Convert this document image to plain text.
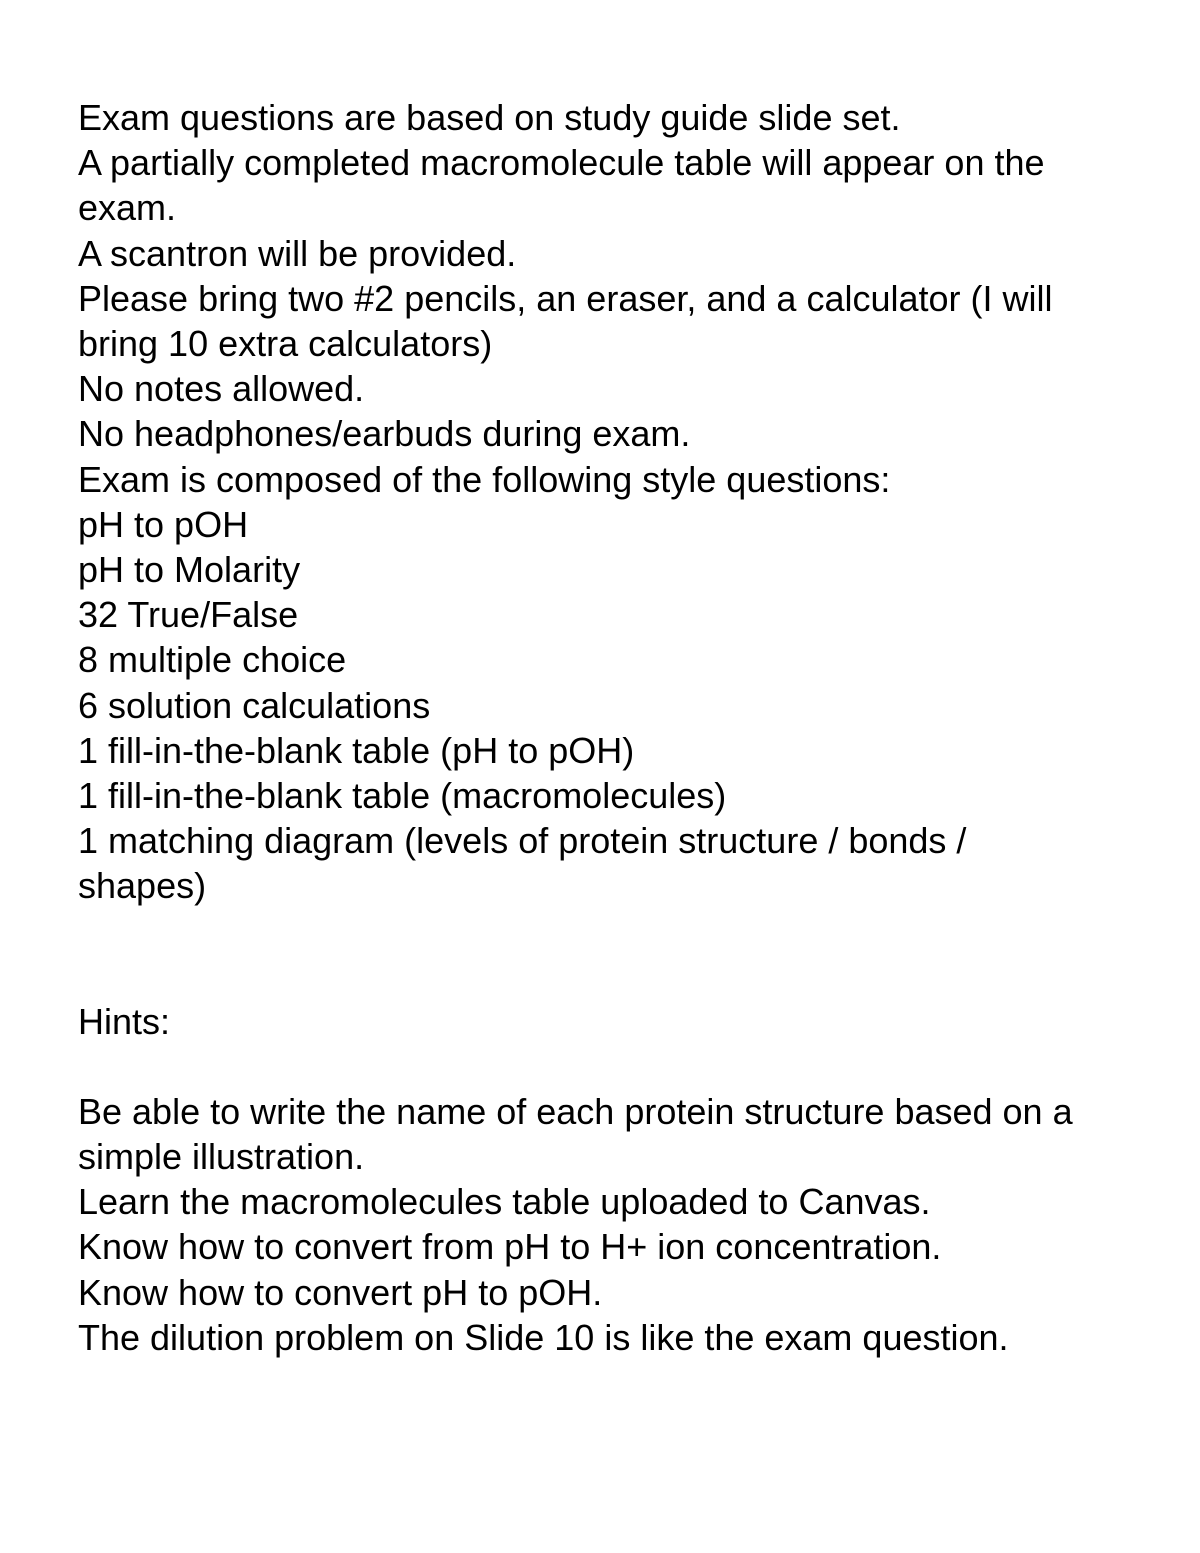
Exam questions are based on study guide slide set.

A partially completed macromolecule table will appear on the

exam.

A scantron will be provided.

Please bring two #2 pencils, an eraser, and a calculator (I will

bring 10 extra calculators)

No notes allowed.

No headphones/earbuds during exam.

Exam is composed of the following style questions:

pH to pOH

pH to Molarity

32 True/False

8 multiple choice

6 solution calculations

1 fill-in-the-blank table (pH to pOH)

1 fill-in-the-blank table (macromolecules)

1 matching diagram (levels of protein structure / bonds /

shapes)

Hints:

Be able to write the name of each protein structure based on a

simple illustration.

Learn the macromolecules table uploaded to Canvas.

Know how to convert from pH to H+ ion concentration.

Know how to convert pH to pOH.

The dilution problem on Slide 10 is like the exam question.
